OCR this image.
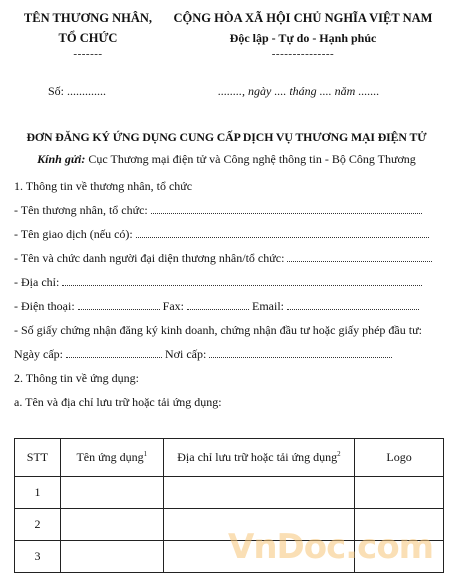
TÊN THƯƠNG NHÂN,
TỔ CHỨC
-------
CỘNG HÒA XÃ HỘI CHỦ NGHĨA VIỆT NAM
Độc lập - Tự do - Hạnh phúc
---------------
Số: .............	........, ngày .... tháng .... năm .......
ĐƠN ĐĂNG KÝ ỨNG DỤNG CUNG CẤP DỊCH VỤ THƯƠNG MẠI ĐIỆN TỬ
Kính gửi: Cục Thương mại điện tử và Công nghệ thông tin - Bộ Công Thương
1. Thông tin về thương nhân, tổ chức
- Tên thương nhân, tổ chức:
- Tên giao dịch (nếu có):
- Tên và chức danh người đại diện thương nhân/tổ chức:
- Địa chỉ:
- Điện thoại:	Fax:	Email:
- Số giấy chứng nhận đăng ký kinh doanh, chứng nhận đầu tư hoặc giấy phép đầu tư:
Ngày cấp:	Nơi cấp:
2. Thông tin về ứng dụng:
a. Tên và địa chỉ lưu trữ hoặc tải ứng dụng:
STT	Tên ứng dụng$^1$	Địa chỉ lưu trữ hoặc tải ứng dụng$^2$	Logo
1			
2			
3				VnDoc.com
